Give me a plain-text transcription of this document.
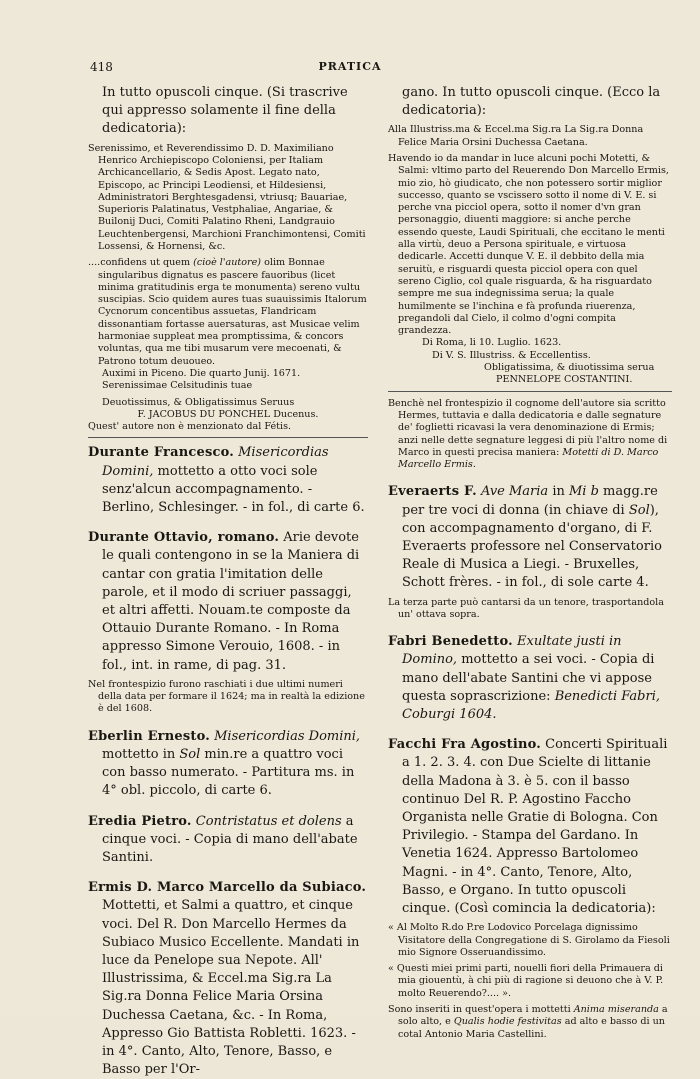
418	PRATICA

In tutto opuscoli cinque. (Si trascrive qui appresso solamente il fine della dedicatoria):

Serenissimo, et Reverendissimo D. D. Maximiliano Henrico Archiepiscopo Coloniensi, per Italiam Archicancellario, & Sedis Apost. Legato nato, Episcopo, ac Principi Leodiensi, et Hildesiensi, Administratori Berghtesgadensi, vtriusq; Bauariae, Superioris Palatinatus, Vestphaliae, Angariae, & Builonij Duci, Comiti Palatino Rheni, Landgrauio Leuchtenbergensi, Marchioni Franchimontensi, Comiti Lossensi, & Hornensi, &c.

....confidens ut quem (cioè l'autore) olim Bonnae singularibus dignatus es pascere fauoribus (licet minima gratitudinis erga te monumenta) sereno vultu suscipias. Scio quidem aures tuas suauissimis Italorum Cycnorum concentibus assuetas, Flandricam dissonantiam fortasse auersaturas, ast Musicae velim harmoniae suppleat mea promptissima, & concors voluntas, qua me tibi musarum vere mecoenati, & Patrono totum deuoueo.

Auximi in Piceno. Die quarto Junij. 1671.

Serenissimae Celsitudinis tuae

Deuotissimus, & Obligatissimus Seruus

F. JACOBUS DU PONCHEL Ducenus.

Quest' autore non è menzionato dal Fétis.

Durante Francesco. Misericordias Domini, mottetto a otto voci sole senz'alcun accompagnamento. - Berlino, Schlesinger. - in fol., di carte 6.

Durante Ottavio, romano. Arie devote le quali contengono in se la Maniera di cantar con gratia l'imitation delle parole, et il modo di scriuer passaggi, et altri affetti. Nouam.te composte da Ottauio Durante Romano. - In Roma appresso Simone Verouio, 1608. - in fol., int. in rame, di pag. 31.

Nel frontespizio furono raschiati i due ultimi numeri della data per formare il 1624; ma in realtà la edizione è del 1608.

Eberlin Ernesto. Misericordias Domini, mottetto in Sol min.re a quattro voci con basso numerato. - Partitura ms. in 4° obl. piccolo, di carte 6.

Eredia Pietro. Contristatus et dolens a cinque voci. - Copia di mano dell'abate Santini.

Ermis D. Marco Marcello da Subiaco. Mottetti, et Salmi a quattro, et cinque voci. Del R. Don Marcello Hermes da Subiaco Musico Eccellente. Mandati in luce da Penelope sua Nepote. All' Illustrissima, & Eccel.ma Sig.ra La Sig.ra Donna Felice Maria Orsina Duchessa Caetana, &c. - In Roma, Appresso Gio Battista Robletti. 1623. - in 4°. Canto, Alto, Tenore, Basso, e Basso per l'Or-

gano. In tutto opuscoli cinque. (Ecco la dedicatoria):

Alla Illustriss.ma & Eccel.ma Sig.ra La Sig.ra Donna Felice Maria Orsini Duchessa Caetana.

Havendo io da mandar in luce alcuni pochi Motetti, & Salmi: vltimo parto del Reuerendo Don Marcello Ermis, mio zio, hò giudicato, che non potessero sortir miglior successo, quanto se vscissero sotto il nome di V. E. si perche vna picciol opera, sotto il nomer d'vn gran personaggio, diuenti maggiore: si anche perche essendo queste, Laudi Spirituali, che eccitano le menti alla virtù, deuo a Persona spirituale, e virtuosa dedicarle. Accetti dunque V. E. il debbito della mia seruitù, e risguardi questa picciol opera con quel sereno Ciglio, col quale risguarda, & ha risguardato sempre me sua indegnissima serua; la quale humilmente se l'inchina e fà profunda riuerenza, pregandoli dal Cielo, il colmo d'ogni compita grandezza.

Di Roma, li 10. Luglio. 1623.

Di V. S. Illustriss. & Eccellentiss.

Obligatissima, & diuotissima serua

PENNELOPE COSTANTINI.

Benchè nel frontespizio il cognome dell'autore sia scritto Hermes, tuttavia e dalla dedicatoria e dalle segnature de' foglietti ricavasi la vera denominazione di Ermis; anzi nelle dette segnature leggesi di più l'altro nome di Marco in questi precisa maniera: Motetti di D. Marco Marcello Ermis.

Everaerts F. Ave Maria in Mi b magg.re per tre voci di donna (in chiave di Sol), con accompagnamento d'organo, di F. Everaerts professore nel Conservatorio Reale di Musica a Liegi. - Bruxelles, Schott frères. - in fol., di sole carte 4.

La terza parte può cantarsi da un tenore, trasportandola un' ottava sopra.

Fabri Benedetto. Exultate justi in Domino, mottetto a sei voci. - Copia di mano dell'abate Santini che vi appose questa soprascrizione: Benedicti Fabri, Coburgi 1604.

Facchi Fra Agostino. Concerti Spirituali a 1. 2. 3. 4. con Due Scielte di littanie della Madona à 3. è 5. con il basso continuo Del R. P. Agostino Faccho Organista nelle Gratie di Bologna. Con Privilegio. - Stampa del Gardano. In Venetia 1624. Appresso Bartolomeo Magni. - in 4°. Canto, Tenore, Alto, Basso, e Organo. In tutto opuscoli cinque. (Così comincia la dedicatoria):

« Al Molto R.do P.re Lodovico Porcelaga dignissimo Visitatore della Congregatione di S. Girolamo da Fiesoli mio Signore Osseruandissimo.

« Questi miei primi parti, nouelli fiori della Primauera di mia giouentù, à chi più di ragione si deuono che à V. P. molto Reuerendo?.... ».

Sono inseriti in quest'opera i mottetti Anima miseranda a solo alto, e Qualis hodie festivitas ad alto e basso di un cotal Antonio Maria Castellini.
